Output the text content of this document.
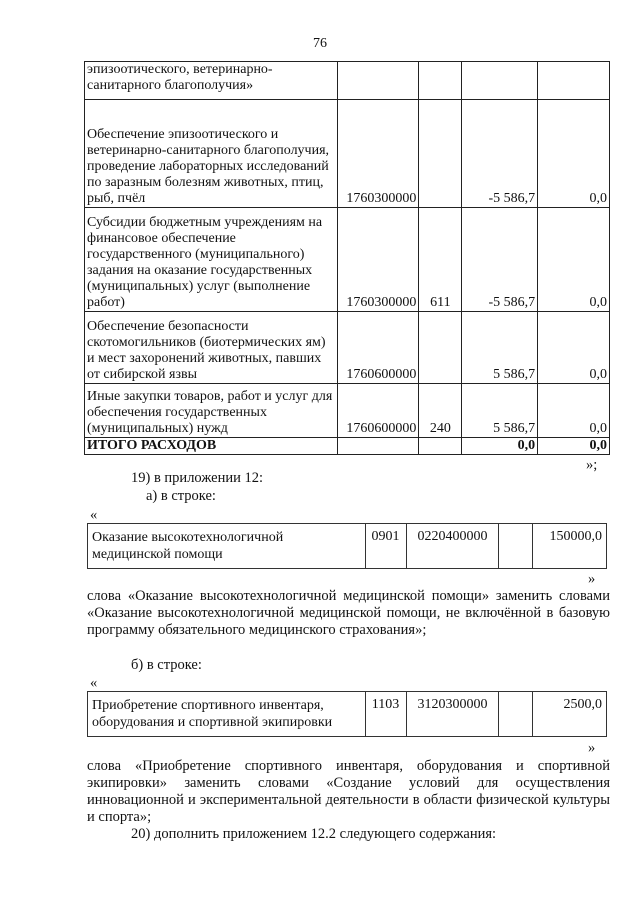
76
эпизоотического, ветеринарно-санитарного благополучия»				
Обеспечение эпизоотического и ветеринарно-санитарного благополучия, проведение лабораторных исследований по заразным болезням животных, птиц, рыб, пчёл	1760300000		-5 586,7	0,0
Субсидии бюджетным учреждениям на финансовое обеспечение государственного (муниципального) задания на оказание государственных (муниципальных) услуг (выполнение работ)	1760300000	611	-5 586,7	0,0
Обеспечение безопасности скотомогильников (биотермических ям) и мест захоронений животных, павших от сибирской язвы	1760600000		5 586,7	0,0
Иные закупки товаров, работ и услуг для обеспечения государственных (муниципальных) нужд	1760600000	240	5 586,7	0,0
ИТОГО РАСХОДОВ			0,0	0,0
»;
19) в приложении 12:
а) в строке:
«
Оказание высокотехнологичной медицинской помощи	0901	0220400000		150000,0
»
слова «Оказание высокотехнологичной медицинской помощи» заменить словами «Оказание высокотехнологичной медицинской помощи, не включённой в базовую программу обязательного медицинского страхования»;
б) в строке:
«
Приобретение спортивного инвентаря, оборудования и спортивной экипировки	1103	3120300000		2500,0
»
слова «Приобретение спортивного инвентаря, оборудования и спортивной экипировки» заменить словами «Создание условий для осуществления инновационной и экспериментальной деятельности в области физической культуры и спорта»;
20) дополнить приложением 12.2 следующего содержания:
